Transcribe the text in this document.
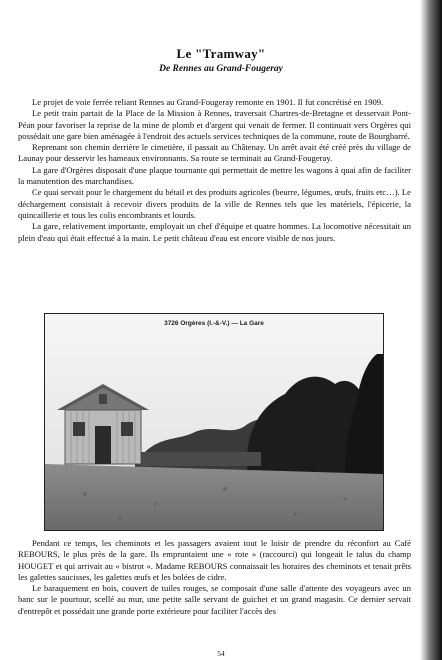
Le "Tramway"
De Rennes au Grand-Fougeray

Le projet de voie ferrée reliant Rennes au Grand-Fougeray remonte en 1901. Il fut concrétisé en 1909.

Le petit train partait de la Place de la Mission à Rennes, traversait Chartres-de-Bretagne et desservait Pont-Péan pour favoriser la reprise de la mine de plomb et d'argent qui venait de fermer. Il continuait vers Orgères qui possédait une gare bien aménagée à l'endroit des actuels services techniques de la commune, route de Bourgbarré.

Reprenant son chemin derrière le cimetière, il passait au Châtenay. Un arrêt avait été créé près du village de Launay pour desservir les hameaux environnants. Sa route se terminait au Grand-Fougeray.

La gare d'Orgères disposait d'une plaque tournante qui permettait de mettre les wagons à quai afin de faciliter la manutention des marchandises.

Ce quai servait pour le chargement du bétail et des produits agricoles (beurre, légumes, œufs, fruits etc…). Le déchargement consistait à recevoir divers produits de la ville de Rennes tels que les matériels, l'épicerie, la quincaillerie et tous les colis encombrants et lourds.

La gare, relativement importante, employait un chef d'équipe et quatre hommes. La locomotive nécessitait un plein d'eau qui était effectué à la main. Le petit château d'eau est encore visible de nos jours.

3726 Orgères (I.-&-V.) — La Gare

Pendant ce temps, les cheminots et les passagers avaient tout le loisir de prendre du réconfort au Café REBOURS, le plus près de la gare. Ils empruntaient une « rote » (raccourci) qui longeait le talus du champ HOUGET et qui arrivait au « bistrot ». Madame REBOURS connaissait les horaires des cheminots et tenait prêts les galettes saucisses, les galettes œufs et les bolées de cidre.

Le baraquement en bois, couvert de tuiles rouges, se composait d'une salle d'attente des voyageurs avec un banc sur le pourtour, scellé au mur, une petite salle servant de guichet et un grand magasin. Ce dernier servait d'entrepôt et possédait une grande porte extérieure pour faciliter l'accès des

54
